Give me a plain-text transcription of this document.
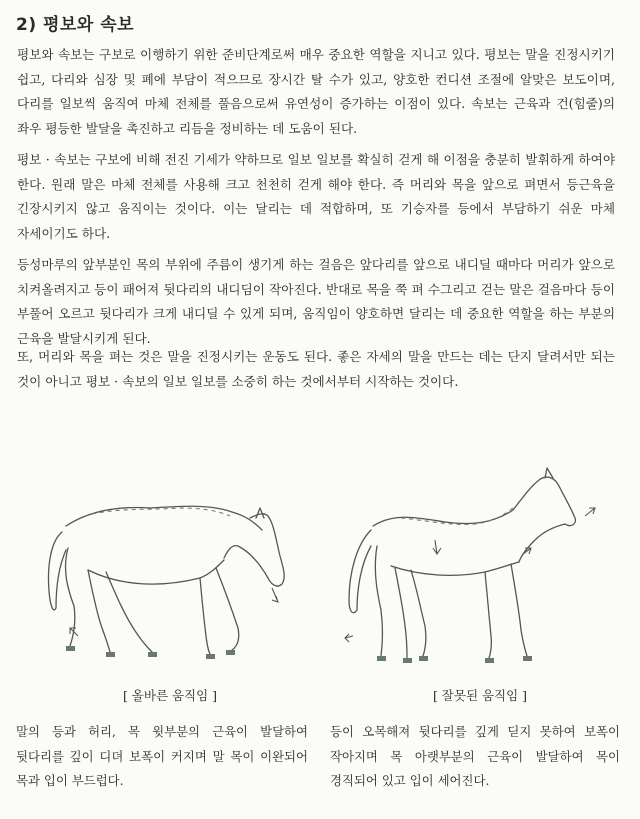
2) 평보와 속보

평보와 속보는 구보로 이행하기 위한 준비단계로써 매우 중요한 역할을 지니고 있다. 평보는 말을 진정시키기 쉽고, 다리와 심장 및 폐에 부담이 적으므로 장시간 탈 수가 있고, 양호한 컨디션 조절에 알맞은 보도이며, 다리를 일보씩 움직여 마체 전체를 풀음으로써 유연성이 증가하는 이점이 있다. 속보는 근육과 건(힘줄)의 좌우 평등한 발달을 촉진하고 리듬을 정비하는 데 도움이 된다.

평보 · 속보는 구보에 비해 전진 기세가 약하므로 일보 일보를 확실히 걷게 해 이점을 충분히 발휘하게 하여야 한다. 원래 말은 마체 전체를 사용해 크고 천천히 걷게 해야 한다. 즉 머리와 목을 앞으로 펴면서 등근육을 긴장시키지 않고 움직이는 것이다. 이는 달리는 데 적합하며, 또 기승자를 등에서 부담하기 쉬운 마체 자세이기도 하다.

등성마루의 앞부분인 목의 부위에 주름이 생기게 하는 걸음은 앞다리를 앞으로 내디딜 때마다 머리가 앞으로 치켜올려지고 등이 패어져 뒷다리의 내디딤이 작아진다. 반대로 목을 쭉 펴 수그리고 걷는 말은 걸음마다 등이 부풀어 오르고 뒷다리가 크게 내디딜 수 있게 되며, 움직임이 양호하면 달리는 데 중요한 역할을 하는 부분의 근육을 발달시키게 된다.

또, 머리와 목을 펴는 것은 말을 진정시키는 운동도 된다. 좋은 자세의 말을 만드는 데는 단지 달려서만 되는 것이 아니고 평보 · 속보의 일보 일보를 소중히 하는 것에서부터 시작하는 것이다.

[ 올바른 움직임 ]	[ 잘못된 움직임 ]

말의 등과 허리, 목 윗부분의 근육이 발달하여 뒷다리를 깊이 디뎌 보폭이 커지며 말 목이 이완되어 목과 입이 부드럽다.

등이 오목해져 뒷다리를 깊게 딛지 못하여 보폭이 작아지며 목 아랫부분의 근육이 발달하여 목이 경직되어 있고 입이 세어진다.
